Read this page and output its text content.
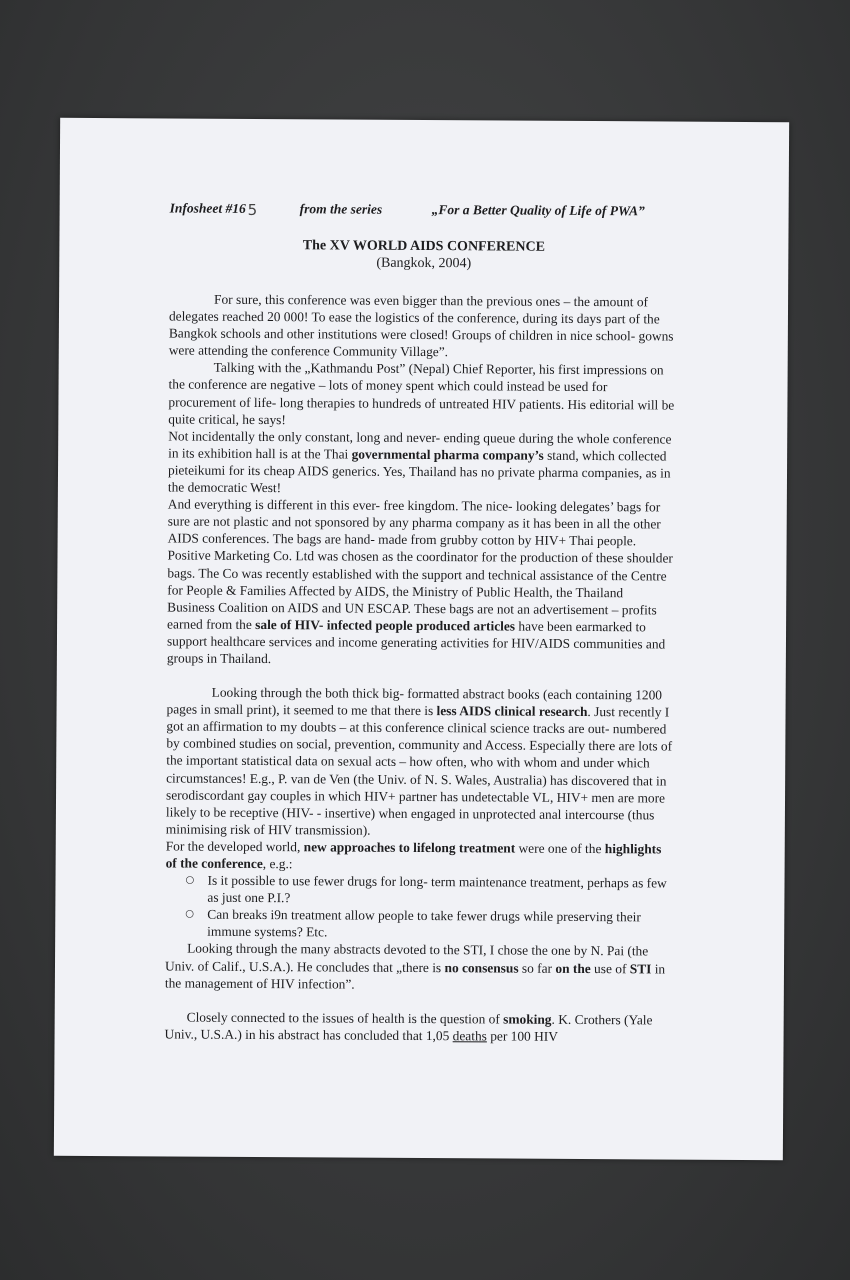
Infosheet #16 5	from the series	„For a Better Quality of Life of PWA”
The XV WORLD AIDS CONFERENCE
(Bangkok, 2004)

For sure, this conference was even bigger than the previous ones – the amount of delegates reached 20 000! To ease the logistics of the conference, during its days part of the Bangkok schools and other institutions were closed! Groups of children in nice school- gowns were attending the conference Community Village”.

Talking with the „Kathmandu Post” (Nepal) Chief Reporter, his first impressions on the conference are negative – lots of money spent which could instead be used for procurement of life- long therapies to hundreds of untreated HIV patients. His editorial will be quite critical, he says!

Not incidentally the only constant, long and never- ending queue during the whole conference in its exhibition hall is at the Thai governmental pharma company’s stand, which collected pieteikumi for its cheap AIDS generics. Yes, Thailand has no private pharma companies, as in the democratic West!

And everything is different in this ever- free kingdom. The nice- looking delegates’ bags for sure are not plastic and not sponsored by any pharma company as it has been in all the other AIDS conferences. The bags are hand- made from grubby cotton by HIV+ Thai people. Positive Marketing Co. Ltd was chosen as the coordinator for the production of these shoulder bags. The Co was recently established with the support and technical assistance of the Centre for People & Families Affected by AIDS, the Ministry of Public Health, the Thailand Business Coalition on AIDS and UN ESCAP. These bags are not an advertisement – profits earned from the sale of HIV- infected people produced articles have been earmarked to support healthcare services and income generating activities for HIV/AIDS communities and groups in Thailand.

Looking through the both thick big- formatted abstract books (each containing 1200 pages in small print), it seemed to me that there is less AIDS clinical research. Just recently I got an affirmation to my doubts – at this conference clinical science tracks are out- numbered by combined studies on social, prevention, community and Access. Especially there are lots of the important statistical data on sexual acts – how often, who with whom and under which circumstances! E.g., P. van de Ven (the Univ. of N. S. Wales, Australia) has discovered that in serodiscordant gay couples in which HIV+ partner has undetectable VL, HIV+ men are more likely to be receptive (HIV- - insertive) when engaged in unprotected anal intercourse (thus minimising risk of HIV transmission).

For the developed world, new approaches to lifelong treatment were one of the highlights of the conference, e.g.:

○ Is it possible to use fewer drugs for long- term maintenance treatment, perhaps as few as just one P.I.?
○ Can breaks i9n treatment allow people to take fewer drugs while preserving their immune systems? Etc.

Looking through the many abstracts devoted to the STI, I chose the one by N. Pai (the Univ. of Calif., U.S.A.). He concludes that „there is no consensus so far on the use of STI in the management of HIV infection”.

Closely connected to the issues of health is the question of smoking. K. Crothers (Yale Univ., U.S.A.) in his abstract has concluded that 1,05 deaths per 100 HIV
